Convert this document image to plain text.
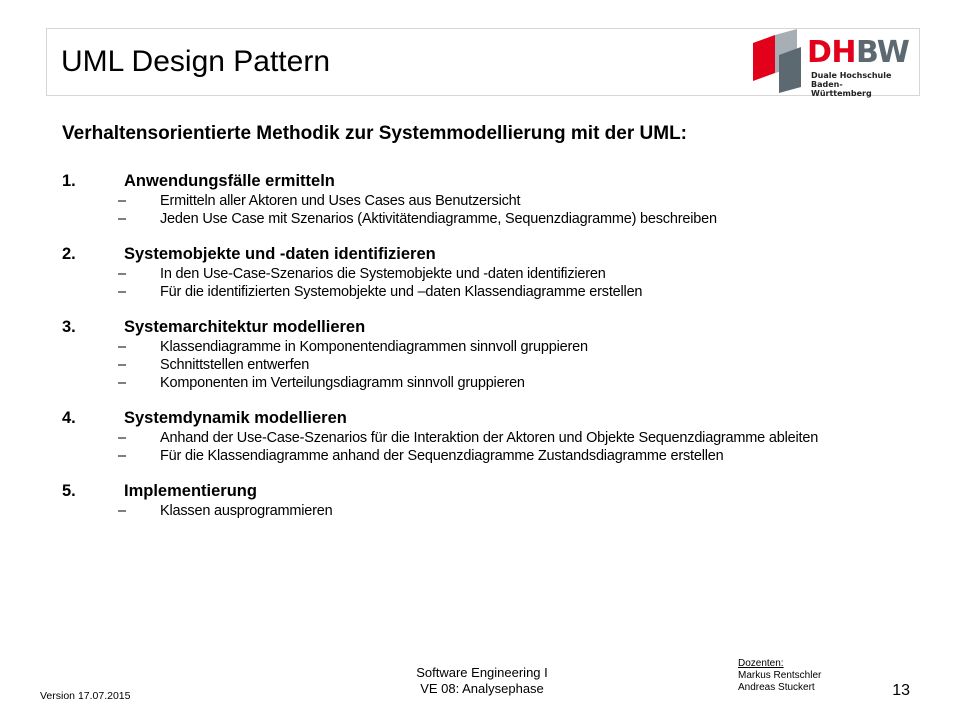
UML Design Pattern	DHBW
Duale Hochschule
Baden-Württemberg
Verhaltensorientierte Methodik zur Systemmodellierung mit der UML:
1.	Anwendungsfälle ermitteln
– Ermitteln aller Aktoren und Uses Cases aus Benutzersicht
– Jeden Use Case mit Szenarios (Aktivitätendiagramme, Sequenzdiagramme) beschreiben
2.	Systemobjekte und -daten identifizieren
– In den Use-Case-Szenarios die Systemobjekte und -daten identifizieren
– Für die identifizierten Systemobjekte und –daten Klassendiagramme erstellen
3.	Systemarchitektur modellieren
– Klassendiagramme in Komponentendiagrammen sinnvoll gruppieren
– Schnittstellen entwerfen
– Komponenten im Verteilungsdiagramm sinnvoll gruppieren
4.	Systemdynamik modellieren
– Anhand der Use-Case-Szenarios für die Interaktion der Aktoren und Objekte Sequenzdiagramme ableiten
– Für die Klassendiagramme anhand der Sequenzdiagramme Zustandsdiagramme erstellen
5.	Implementierung
– Klassen ausprogrammieren
Version 17.07.2015
Software Engineering I
VE 08: Analysephase
Dozenten:
Markus Rentschler
Andreas Stuckert	13
